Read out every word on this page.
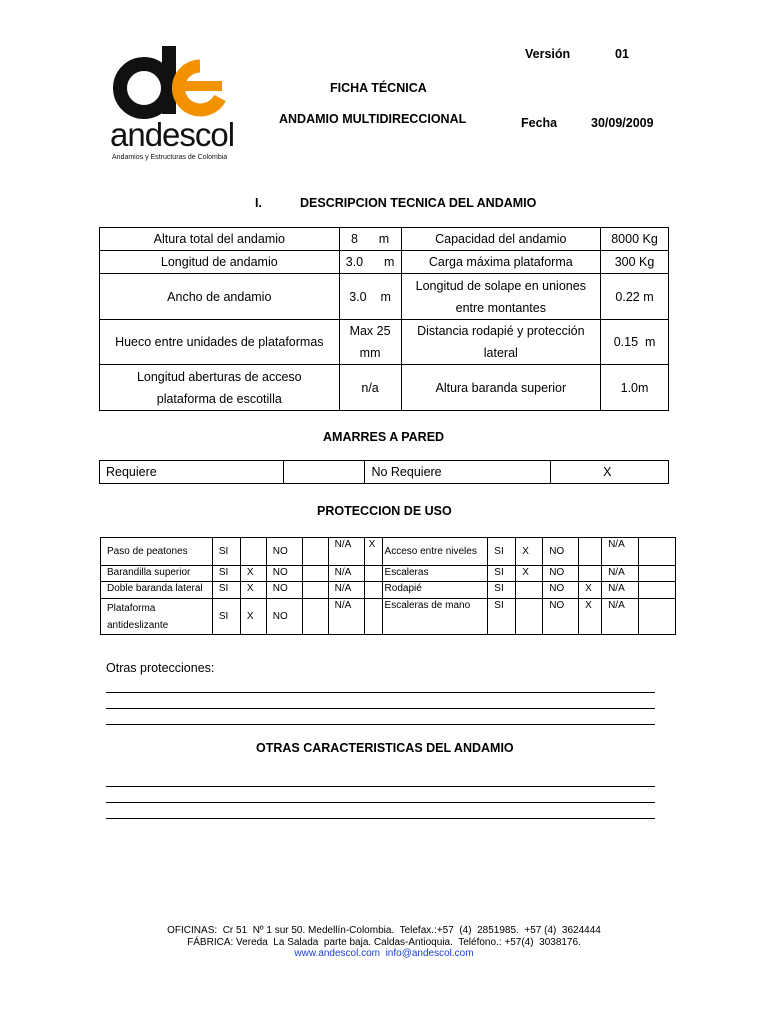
andescol
Andamios y Estructuras de Colombia
Versión	01
FICHA TÉCNICA
ANDAMIO MULTIDIRECCIONAL	Fecha	30/09/2009
I.	DESCRIPCION TECNICA DEL ANDAMIO
Altura total del andamio	8      m	Capacidad del andamio	8000 Kg
Longitud de andamio	3.0      m	Carga máxima plataforma	300 Kg
Ancho de andamio	3.0    m	Longitud de solape en uniones entre montantes	0.22 m
Hueco entre unidades de plataformas	Max 25 mm	Distancia rodapié y protección lateral	0.15  m
Longitud aberturas de acceso plataforma de escotilla	n/a	Altura baranda superior	1.0m
AMARRES A PARED
Requiere		No Requiere	X
PROTECCION DE USO
Paso de peatones	SI		NO		N/A	X	Acceso entre niveles	SI	X	NO		N/A	
Barandilla superior	SI	X	NO		N/A		Escaleras	SI	X	NO		N/A	
Doble baranda lateral	SI	X	NO		N/A		Rodapié	SI		NO	X	N/A	
Plataforma antideslizante	SI	X	NO		N/A		Escaleras de mano	SI		NO	X	N/A	
Otras protecciones:
OTRAS CARACTERISTICAS DEL ANDAMIO
OFICINAS:  Cr 51  Nº 1 sur 50. Medellín-Colombia.  Telefax.:+57  (4)  2851985.  +57 (4)  3624444
FÁBRICA: Vereda  La Salada  parte baja. Caldas-Antioquia.  Teléfono.: +57(4)  3038176.
www.andescol.com info@andescol.com
